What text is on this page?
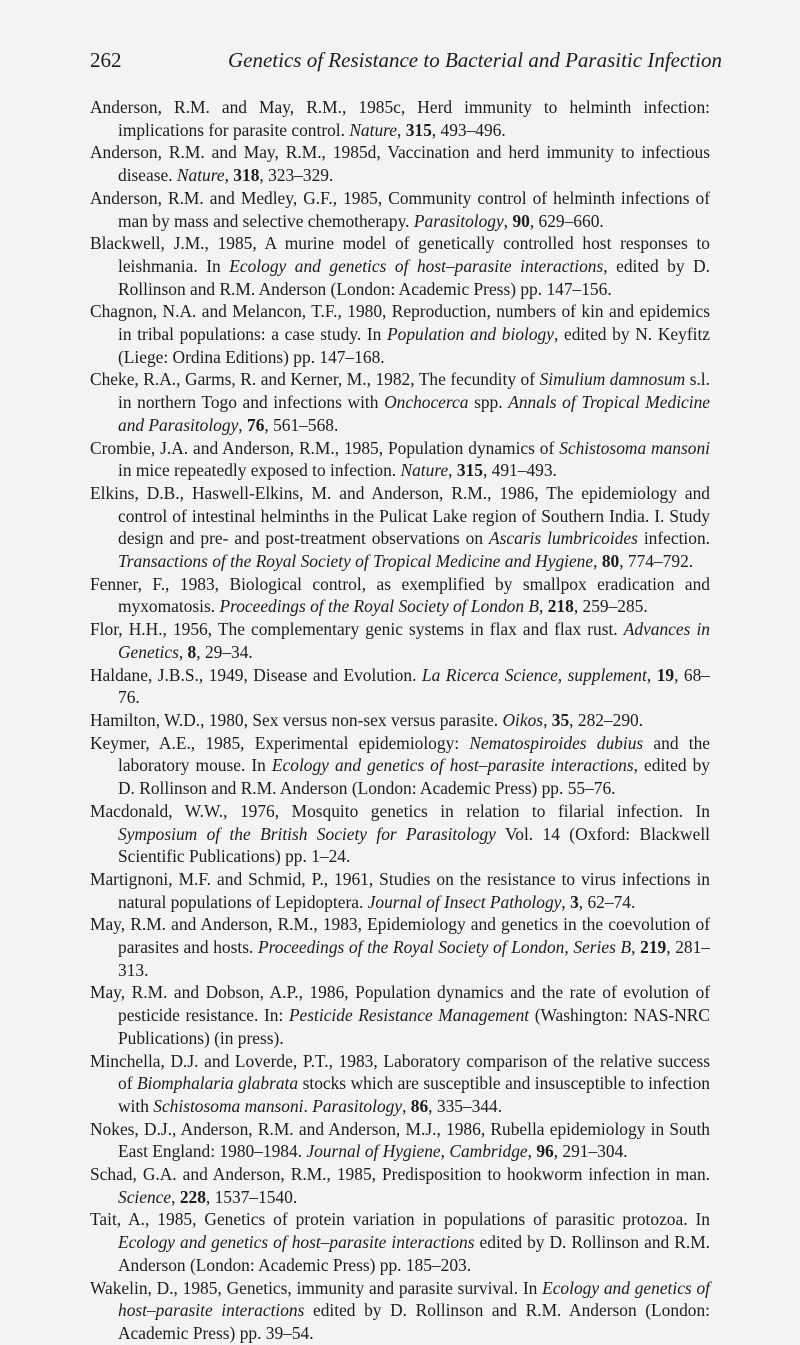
262	Genetics of Resistance to Bacterial and Parasitic Infection

Anderson, R.M. and May, R.M., 1985c, Herd immunity to helminth infection: implications for parasite control. Nature, 315, 493–496.

Anderson, R.M. and May, R.M., 1985d, Vaccination and herd immunity to infectious disease. Nature, 318, 323–329.

Anderson, R.M. and Medley, G.F., 1985, Community control of helminth infections of man by mass and selective chemotherapy. Parasitology, 90, 629–660.

Blackwell, J.M., 1985, A murine model of genetically controlled host responses to leishmania. In Ecology and genetics of host–parasite interactions, edited by D. Rollinson and R.M. Anderson (London: Academic Press) pp. 147–156.

Chagnon, N.A. and Melancon, T.F., 1980, Reproduction, numbers of kin and epidemics in tribal populations: a case study. In Population and biology, edited by N. Keyfitz (Liege: Ordina Editions) pp. 147–168.

Cheke, R.A., Garms, R. and Kerner, M., 1982, The fecundity of Simulium damnosum s.l. in northern Togo and infections with Onchocerca spp. Annals of Tropical Medicine and Parasitology, 76, 561–568.

Crombie, J.A. and Anderson, R.M., 1985, Population dynamics of Schistosoma mansoni in mice repeatedly exposed to infection. Nature, 315, 491–493.

Elkins, D.B., Haswell-Elkins, M. and Anderson, R.M., 1986, The epidemiology and control of intestinal helminths in the Pulicat Lake region of Southern India. I. Study design and pre- and post-treatment observations on Ascaris lumbricoides infection. Transactions of the Royal Society of Tropical Medicine and Hygiene, 80, 774–792.

Fenner, F., 1983, Biological control, as exemplified by smallpox eradication and myxomatosis. Proceedings of the Royal Society of London B, 218, 259–285.

Flor, H.H., 1956, The complementary genic systems in flax and flax rust. Advances in Genetics, 8, 29–34.

Haldane, J.B.S., 1949, Disease and Evolution. La Ricerca Science, supplement, 19, 68–76.

Hamilton, W.D., 1980, Sex versus non-sex versus parasite. Oikos, 35, 282–290.

Keymer, A.E., 1985, Experimental epidemiology: Nematospiroides dubius and the laboratory mouse. In Ecology and genetics of host–parasite interactions, edited by D. Rollinson and R.M. Anderson (London: Academic Press) pp. 55–76.

Macdonald, W.W., 1976, Mosquito genetics in relation to filarial infection. In Symposium of the British Society for Parasitology Vol. 14 (Oxford: Blackwell Scientific Publications) pp. 1–24.

Martignoni, M.F. and Schmid, P., 1961, Studies on the resistance to virus infections in natural populations of Lepidoptera. Journal of Insect Pathology, 3, 62–74.

May, R.M. and Anderson, R.M., 1983, Epidemiology and genetics in the coevolution of parasites and hosts. Proceedings of the Royal Society of London, Series B, 219, 281–313.

May, R.M. and Dobson, A.P., 1986, Population dynamics and the rate of evolution of pesticide resistance. In: Pesticide Resistance Management (Washington: NAS-NRC Publications) (in press).

Minchella, D.J. and Loverde, P.T., 1983, Laboratory comparison of the relative success of Biomphalaria glabrata stocks which are susceptible and insusceptible to infection with Schistosoma mansoni. Parasitology, 86, 335–344.

Nokes, D.J., Anderson, R.M. and Anderson, M.J., 1986, Rubella epidemiology in South East England: 1980–1984. Journal of Hygiene, Cambridge, 96, 291–304.

Schad, G.A. and Anderson, R.M., 1985, Predisposition to hookworm infection in man. Science, 228, 1537–1540.

Tait, A., 1985, Genetics of protein variation in populations of parasitic protozoa. In Ecology and genetics of host–parasite interactions edited by D. Rollinson and R.M. Anderson (London: Academic Press) pp. 185–203.

Wakelin, D., 1985, Genetics, immunity and parasite survival. In Ecology and genetics of host–parasite interactions edited by D. Rollinson and R.M. Anderson (London: Academic Press) pp. 39–54.
